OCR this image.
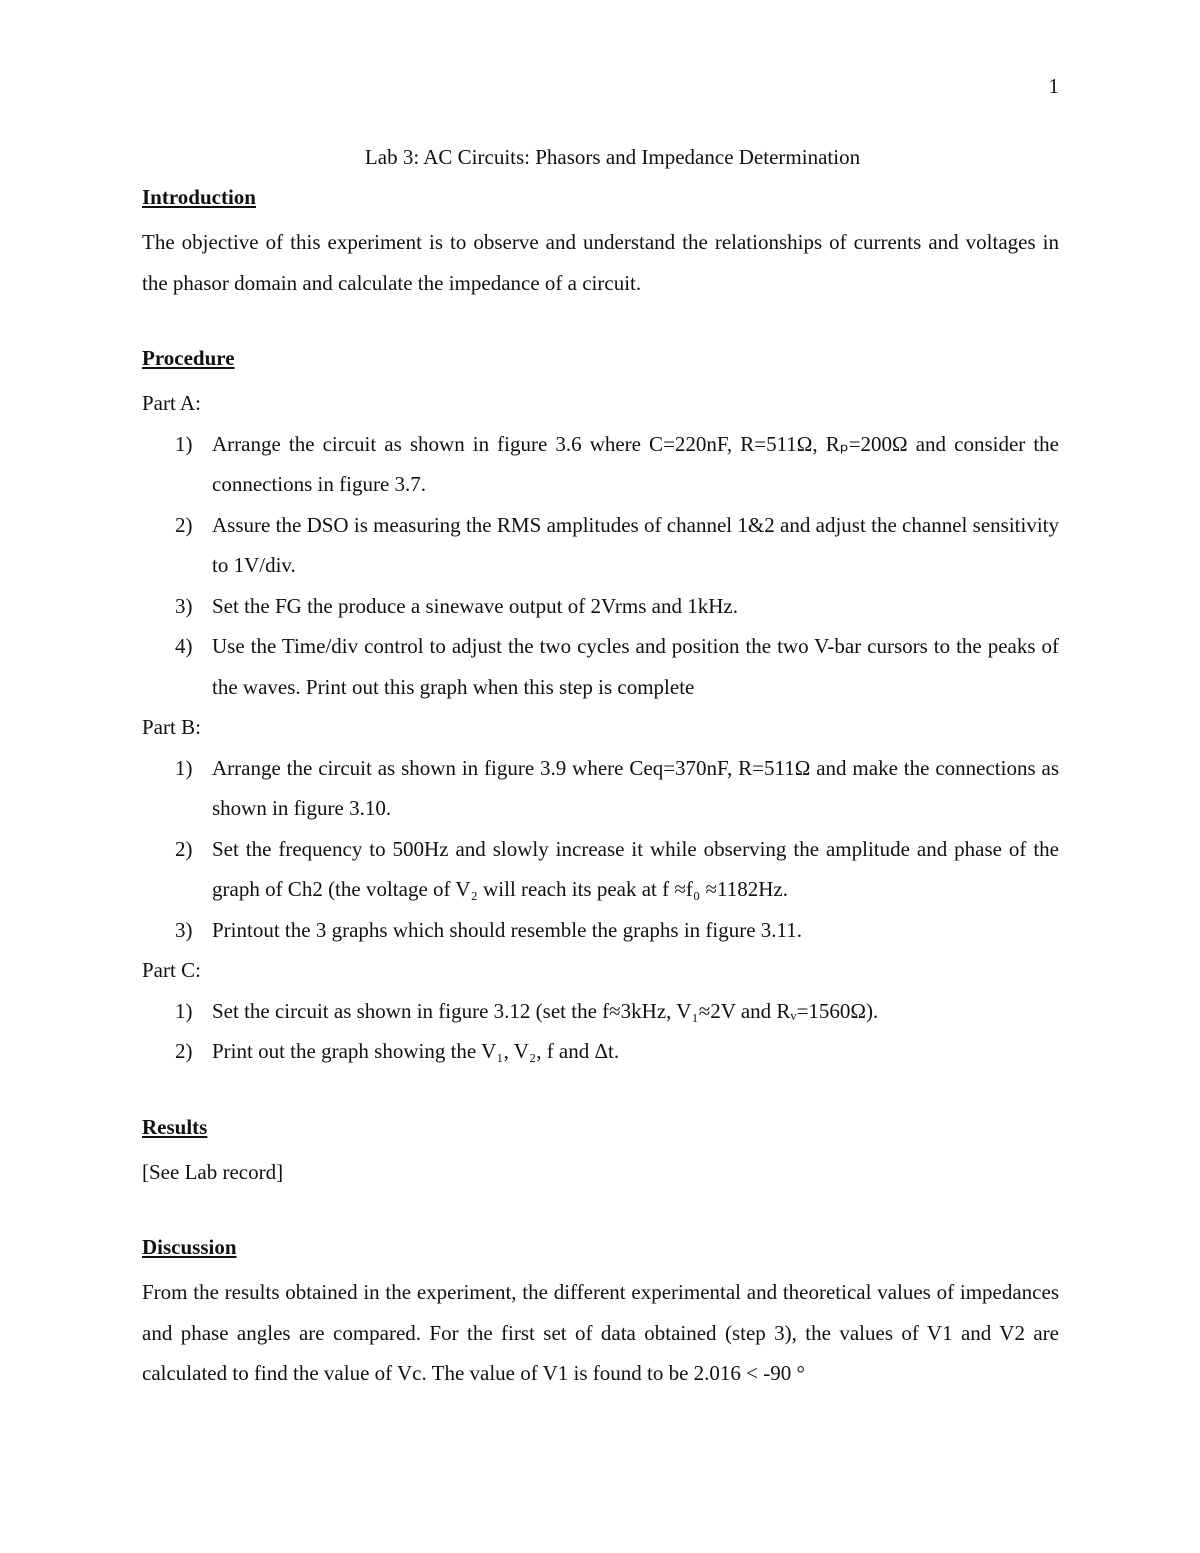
1
Lab 3: AC Circuits: Phasors and Impedance Determination
Introduction

The objective of this experiment is to observe and understand the relationships of currents and voltages in the phasor domain and calculate the impedance of a circuit.

Procedure

Part A:

1) Arrange the circuit as shown in figure 3.6 where C=220nF, R=511Ω, Rₚ=200Ω and consider the connections in figure 3.7.
2) Assure the DSO is measuring the RMS amplitudes of channel 1&2 and adjust the channel sensitivity to 1V/div.
3) Set the FG the produce a sinewave output of 2Vrms and 1kHz.
4) Use the Time/div control to adjust the two cycles and position the two V-bar cursors to the peaks of the waves. Print out this graph when this step is complete

Part B:

1) Arrange the circuit as shown in figure 3.9 where Ceq=370nF, R=511Ω and make the connections as shown in figure 3.10.
2) Set the frequency to 500Hz and slowly increase it while observing the amplitude and phase of the graph of Ch2 (the voltage of V₂ will reach its peak at f ≈f₀ ≈1182Hz.
3) Printout the 3 graphs which should resemble the graphs in figure 3.11.

Part C:

1) Set the circuit as shown in figure 3.12 (set the f≈3kHz, V₁≈2V and Rᵥ=1560Ω).
2) Print out the graph showing the V₁, V₂, f and Δt.
Results

[See Lab record]

Discussion

From the results obtained in the experiment, the different experimental and theoretical values of impedances and phase angles are compared. For the first set of data obtained (step 3), the values of V1 and V2 are calculated to find the value of Vc. The value of V1 is found to be 2.016 < -90 °
